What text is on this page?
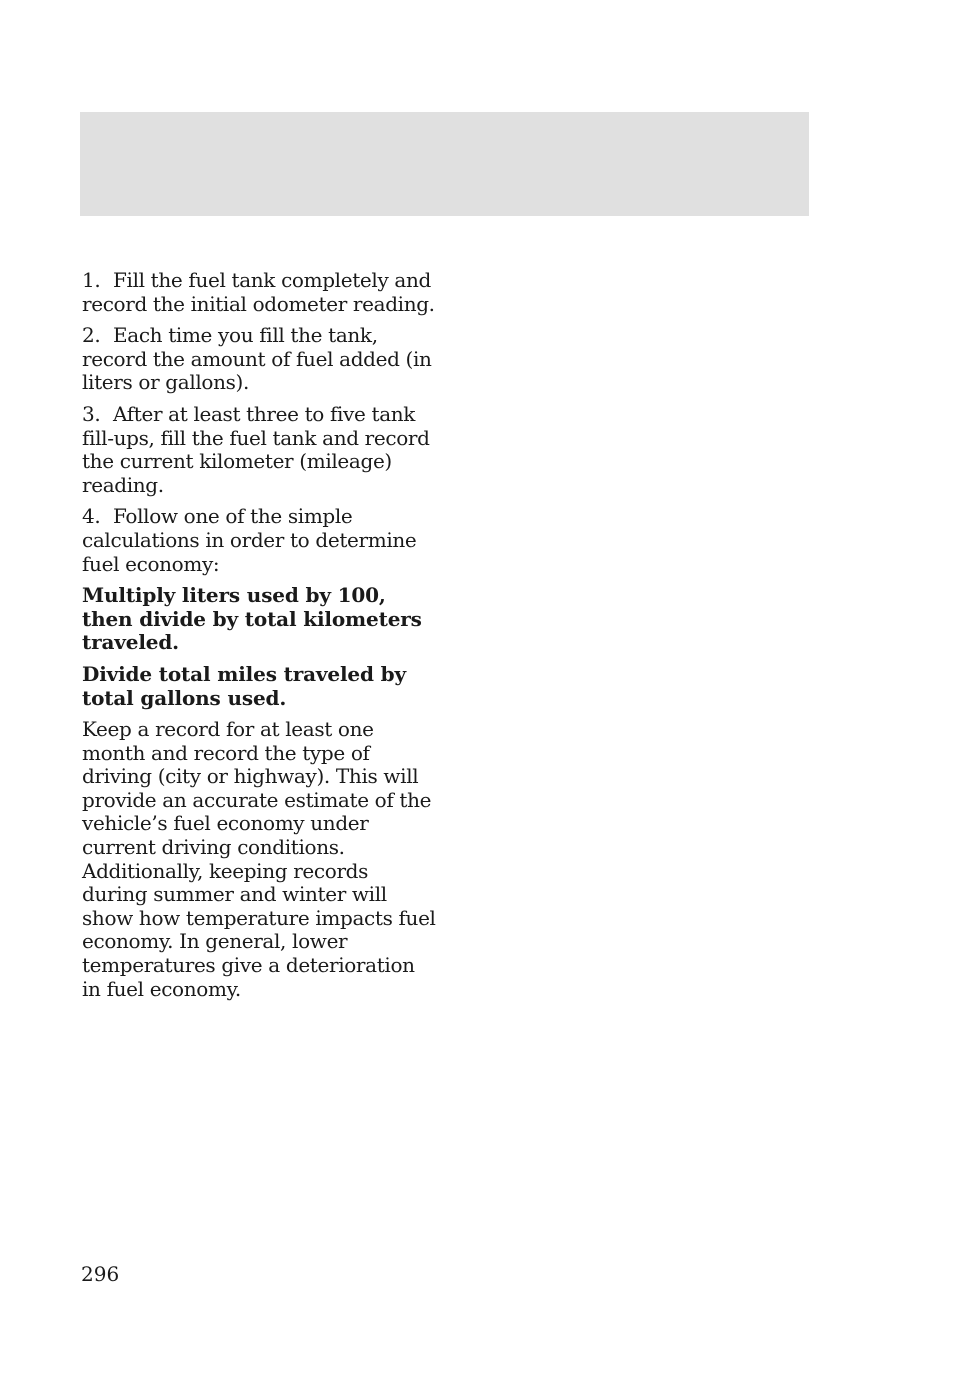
1. Fill the fuel tank completely and record the initial odometer reading.

2. Each time you fill the tank, record the amount of fuel added (in liters or gallons).

3. After at least three to five tank fill-ups, fill the fuel tank and record the current kilometer (mileage) reading.

4. Follow one of the simple calculations in order to determine fuel economy:

Multiply liters used by 100, then divide by total kilometers traveled.

Divide total miles traveled by total gallons used.

Keep a record for at least one month and record the type of driving (city or highway). This will provide an accurate estimate of the vehicle’s fuel economy under current driving conditions. Additionally, keeping records during summer and winter will show how temperature impacts fuel economy. In general, lower temperatures give a deterioration in fuel economy.

296
